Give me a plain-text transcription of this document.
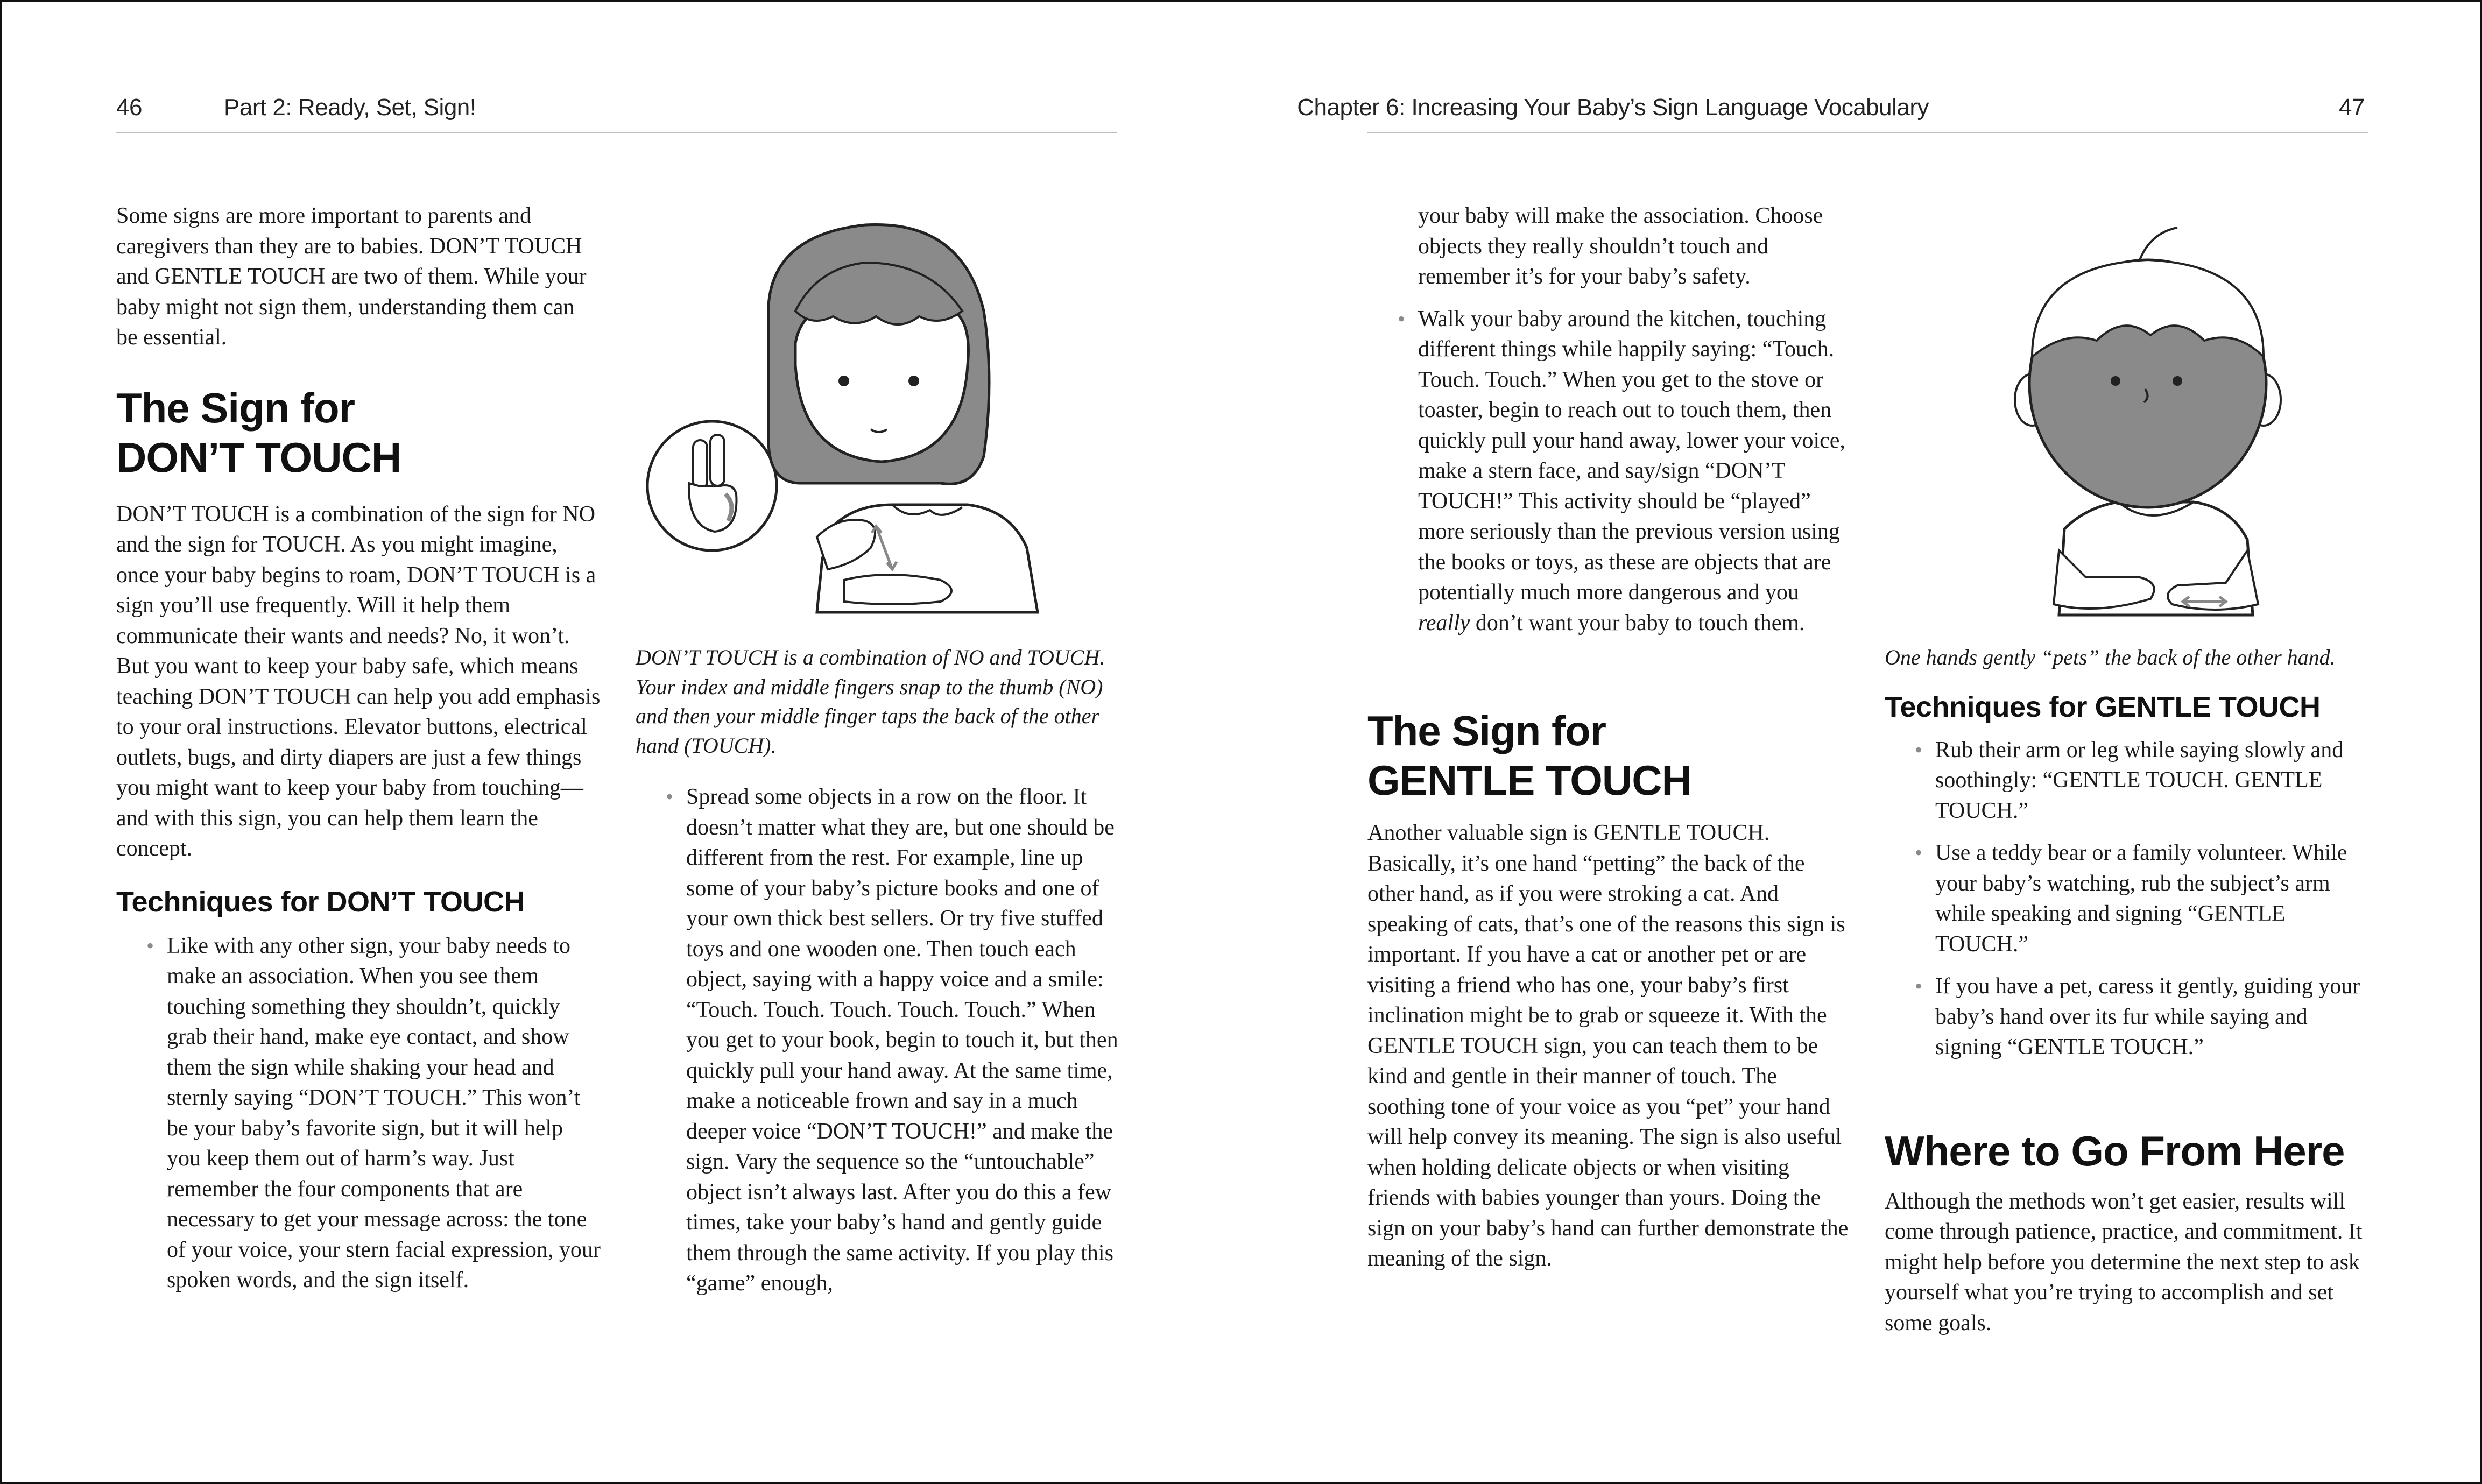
46	Part 2: Ready, Set, Sign!

Some signs are more important to parents and caregivers than they are to babies. DON’T TOUCH and GENTLE TOUCH are two of them. While your baby might not sign them, understanding them can be essential.

The Sign for
DON’T TOUCH

DON’T TOUCH is a combination of the sign for NO and the sign for TOUCH. As you might imagine, once your baby begins to roam, DON’T TOUCH is a sign you’ll use frequently. Will it help them communicate their wants and needs? No, it won’t. But you want to keep your baby safe, which means teaching DON’T TOUCH can help you add emphasis to your oral instructions. Elevator buttons, electrical outlets, bugs, and dirty diapers are just a few things you might want to keep your baby from touching—and with this sign, you can help them learn the concept.

Techniques for DON’T TOUCH
• Like with any other sign, your baby needs to make an association. When you see them touching something they shouldn’t, quickly grab their hand, make eye contact, and show them the sign while shaking your head and sternly saying “DON’T TOUCH.” This won’t be your baby’s favorite sign, but it will help you keep them out of harm’s way. Just remember the four components that are necessary to get your message across: the tone of your voice, your stern facial expression, your spoken words, and the sign itself.

DON’T TOUCH is a combination of NO and TOUCH. Your index and middle fingers snap to the thumb (NO) and then your middle finger taps the back of the other hand (TOUCH).

• Spread some objects in a row on the floor. It doesn’t matter what they are, but one should be different from the rest. For example, line up some of your baby’s picture books and one of your own thick best sellers. Or try five stuffed toys and one wooden one. Then touch each object, saying with a happy voice and a smile: “Touch. Touch. Touch. Touch. Touch.” When you get to your book, begin to touch it, but then quickly pull your hand away. At the same time, make a noticeable frown and say in a much deeper voice “DON’T TOUCH!” and make the sign. Vary the sequence so the “untouchable” object isn’t always last. After you do this a few times, take your baby’s hand and gently guide them through the same activity. If you play this “game” enough,
Chapter 6: Increasing Your Baby’s Sign Language Vocabulary	47

your baby will make the association. Choose objects they really shouldn’t touch and remember it’s for your baby’s safety.

• Walk your baby around the kitchen, touching different things while happily saying: “Touch. Touch. Touch.” When you get to the stove or toaster, begin to reach out to touch them, then quickly pull your hand away, lower your voice, make a stern face, and say/sign “DON’T TOUCH!” This activity should be “played” more seriously than the previous version using the books or toys, as these are objects that are potentially much more dangerous and you really don’t want your baby to touch them.
The Sign for
GENTLE TOUCH

Another valuable sign is GENTLE TOUCH. Basically, it’s one hand “petting” the back of the other hand, as if you were stroking a cat. And speaking of cats, that’s one of the reasons this sign is important. If you have a cat or another pet or are visiting a friend who has one, your baby’s first inclination might be to grab or squeeze it. With the GENTLE TOUCH sign, you can teach them to be kind and gentle in their manner of touch. The soothing tone of your voice as you “pet” your hand will help convey its meaning. The sign is also useful when holding delicate objects or when visiting friends with babies younger than yours. Doing the sign on your baby’s hand can further demonstrate the meaning of the sign.

One hands gently “pets” the back of the other hand.

Techniques for GENTLE TOUCH
• Rub their arm or leg while saying slowly and soothingly: “GENTLE TOUCH. GENTLE TOUCH.”
• Use a teddy bear or a family volunteer. While your baby’s watching, rub the subject’s arm while speaking and signing “GENTLE TOUCH.”
• If you have a pet, caress it gently, guiding your baby’s hand over its fur while saying and signing “GENTLE TOUCH.”
Where to Go From Here

Although the methods won’t get easier, results will come through patience, practice, and commitment. It might help before you determine the next step to ask yourself what you’re trying to accomplish and set some goals.
